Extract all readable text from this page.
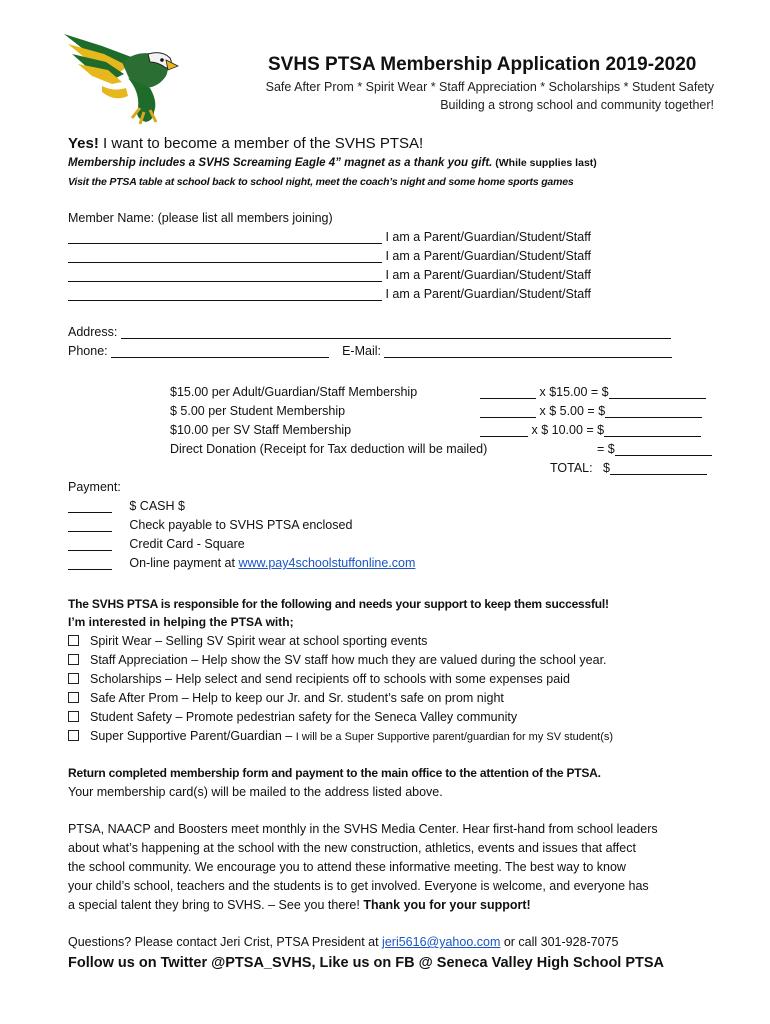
SVHS PTSA Membership Application 2019-2020
Safe After Prom * Spirit Wear * Staff Appreciation * Scholarships * Student Safety
Building a strong school and community together!
Yes! I want to become a member of the SVHS PTSA!
Membership includes a SVHS Screaming Eagle 4” magnet as a thank you gift. (While supplies last)
Visit the PTSA table at school back to school night, meet the coach’s night and some home sports games
Member Name: (please list all members joining)
I am a Parent/Guardian/Student/Staff
I am a Parent/Guardian/Student/Staff
I am a Parent/Guardian/Student/Staff
I am a Parent/Guardian/Student/Staff
Address:
Phone:	E-Mail:
$15.00 per Adult/Guardian/Staff Membership	x $15.00 = $
$ 5.00 per Student Membership	x $ 5.00 = $
$10.00 per SV Staff Membership	x $ 10.00 = $
Direct Donation (Receipt for Tax deduction will be mailed)	= $
TOTAL: $
Payment:
$ CASH $
Check payable to SVHS PTSA enclosed
Credit Card - Square
On-line payment at www.pay4schoolstuffonline.com
The SVHS PTSA is responsible for the following and needs your support to keep them successful!
I’m interested in helping the PTSA with;
Spirit Wear – Selling SV Spirit wear at school sporting events
Staff Appreciation – Help show the SV staff how much they are valued during the school year.
Scholarships – Help select and send recipients off to schools with some expenses paid
Safe After Prom – Help to keep our Jr. and Sr. student’s safe on prom night
Student Safety – Promote pedestrian safety for the Seneca Valley community
Super Supportive Parent/Guardian – I will be a Super Supportive parent/guardian for my SV student(s)
Return completed membership form and payment to the main office to the attention of the PTSA.
Your membership card(s) will be mailed to the address listed above.
PTSA, NAACP and Boosters meet monthly in the SVHS Media Center. Hear first-hand from school leaders
about what’s happening at the school with the new construction, athletics, events and issues that affect
the school community. We encourage you to attend these informative meeting. The best way to know
your child’s school, teachers and the students is to get involved. Everyone is welcome, and everyone has
a special talent they bring to SVHS. – See you there! Thank you for your support!
Questions? Please contact Jeri Crist, PTSA President at jeri5616@yahoo.com or call 301-928-7075
Follow us on Twitter @PTSA_SVHS, Like us on FB @ Seneca Valley High School PTSA
